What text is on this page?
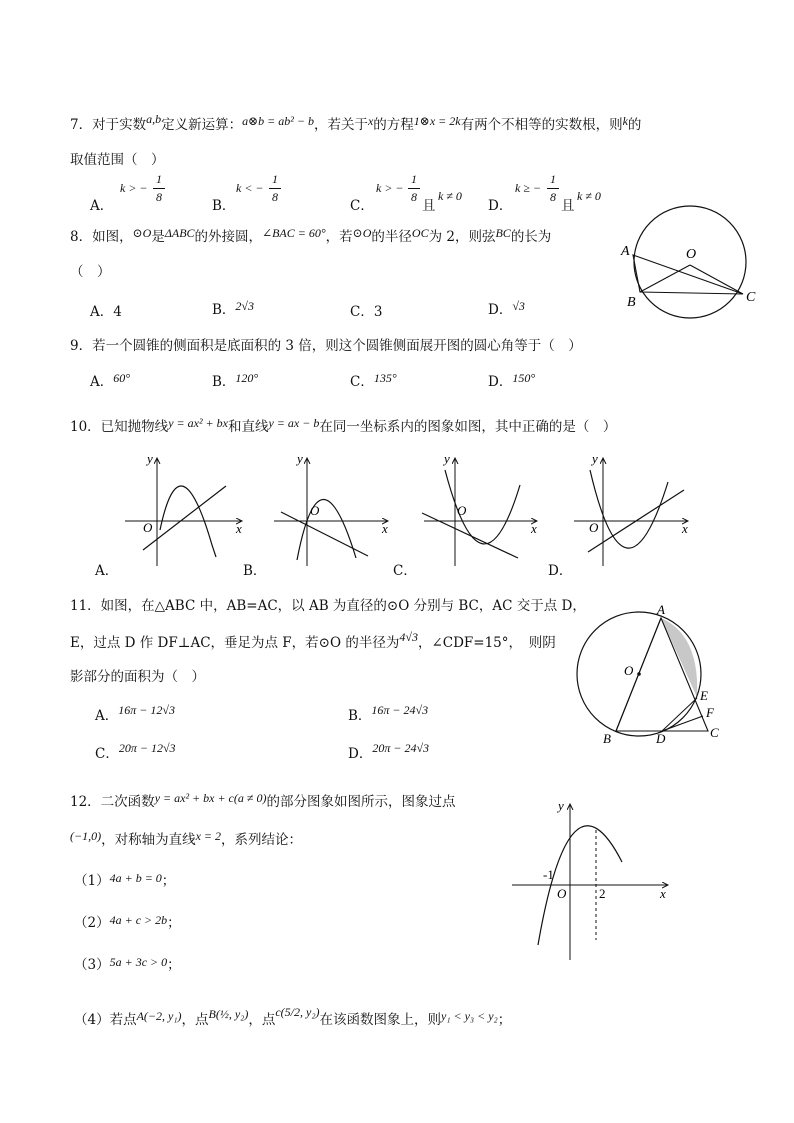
7．对于实数a,b定义新运算：a⊗b = ab² − b，若关于x的方程1⊗x = 2k有两个不相等的实数根，则k的
取值范围（　）
A．
k > −
1
8
B．
k < −
1
8
C．
k > −
1
8
且
k ≠ 0
D．
k ≥ −
1
8
且
k ≠ 0
8．如图，⊙O是ΔABC的外接圆，∠BAC = 60°，若⊙O的半径OC为 2，则弦BC的长为
（　）
A．4	B．2√3	C．3	D．√3
A	O
B	C
9．若一个圆锥的侧面积是底面积的 3 倍，则这个圆锥侧面展开图的圆心角等于（　）
A．60°	B．120°	C．135°	D．150°
10．已知抛物线y = ax² + bx和直线y = ax − b在同一坐标系内的图象如图，其中正确的是（　）
y
x
O
y
x
O
y
x
O
y
x
O
A．	B．	C．	D．
11．如图，在△ABC 中，AB=AC，以 AB 为直径的⊙O 分别与 BC，AC 交于点 D，
E，过点 D 作 DF⊥AC，垂足为点 F，若⊙O 的半径为4√3，∠CDF=15°，　则阴
影部分的面积为（　）
A．16π − 12√3	B．16π − 24√3
C．20π − 12√3	D．20π − 24√3
A
O
E
F
B	D	C
12．二次函数y = ax² + bx + c(a ≠ 0)的部分图象如图所示，图象过点
(−1,0)，对称轴为直线x = 2，系列结论：
（1）4a + b = 0；
（2）4a + c > 2b；
（3）5a + 3c > 0；
（4）若点A(−2, y₁)，点B(½, y₂)，点c(5/2, y₂)在该函数图象上，则y₁ < y₃ < y₂；
y
x
O
-1
2
